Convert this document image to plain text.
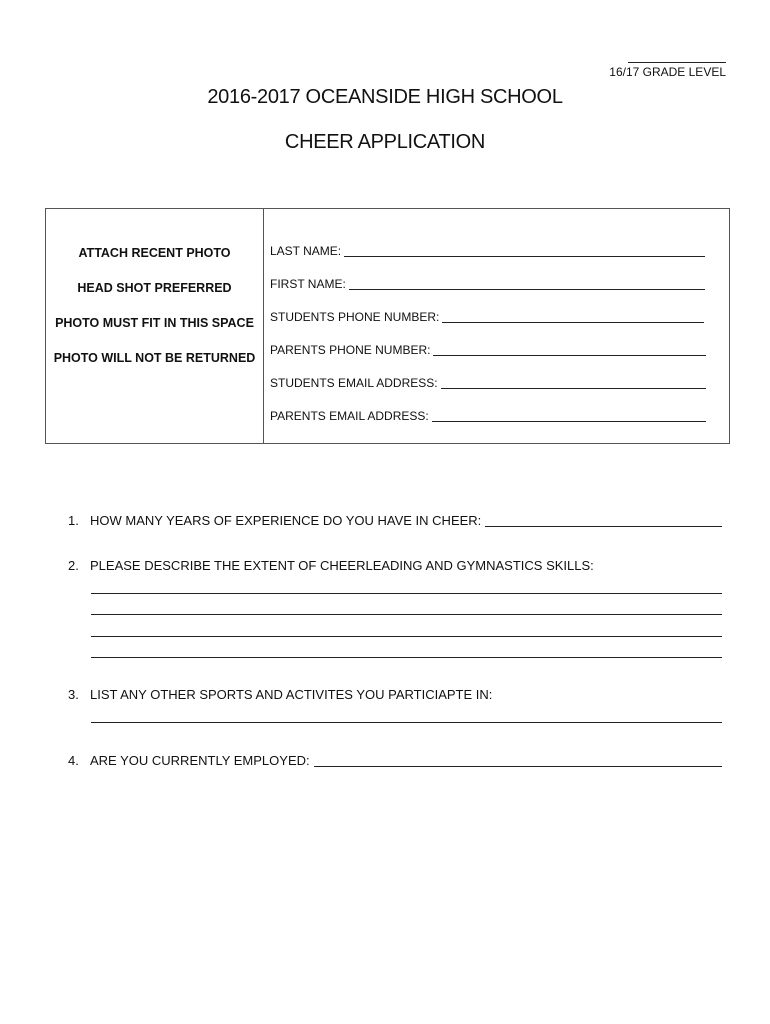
16/17 GRADE LEVEL
2016-2017 OCEANSIDE HIGH SCHOOL
CHEER APPLICATION
ATTACH RECENT PHOTO
HEAD SHOT PREFERRED
PHOTO MUST FIT IN THIS SPACE
PHOTO WILL NOT BE RETURNED
LAST NAME:
FIRST NAME:
STUDENTS PHONE NUMBER:
PARENTS PHONE NUMBER:
STUDENTS EMAIL ADDRESS:
PARENTS EMAIL ADDRESS:
1. HOW MANY YEARS OF EXPERIENCE DO YOU HAVE IN CHEER:
2. PLEASE DESCRIBE THE EXTENT OF CHEERLEADING AND GYMNASTICS SKILLS:
3. LIST ANY OTHER SPORTS AND ACTIVITES YOU PARTICIAPTE IN:
4. ARE YOU CURRENTLY EMPLOYED:
